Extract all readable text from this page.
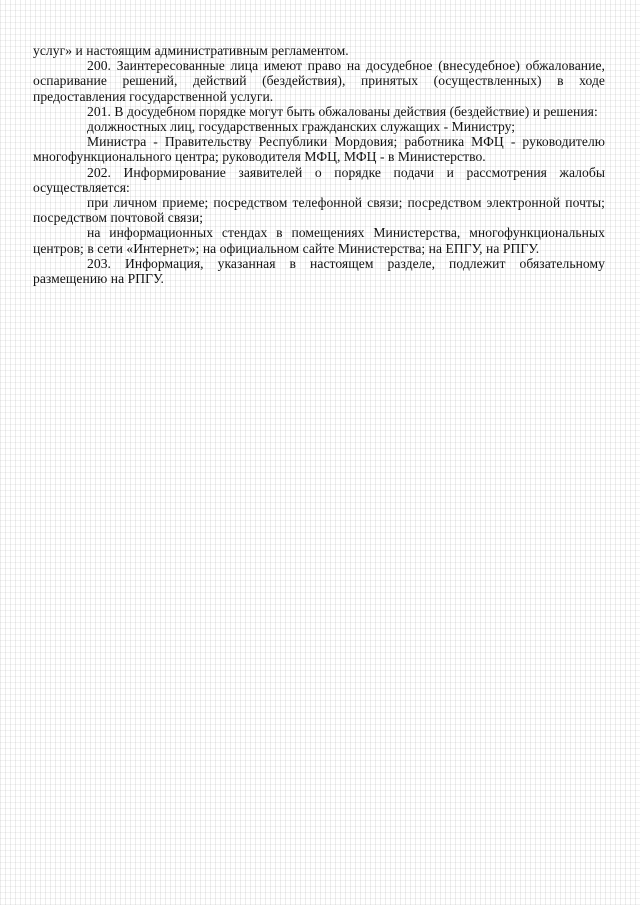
услуг» и настоящим административным регламентом.

200. Заинтересованные лица имеют право на досудебное (внесудебное) обжалование, оспаривание решений, действий (бездействия), принятых (осуществленных) в ходе предоставления государственной услуги.

201. В досудебном порядке могут быть обжалованы действия (бездействие) и решения:

должностных лиц, государственных гражданских служащих - Министру;

Министра - Правительству Республики Мордовия; работника МФЦ - руководителю многофункционального центра; руководителя МФЦ, МФЦ - в Министерство.

202. Информирование заявителей о порядке подачи и рассмотрения жалобы осуществляется:

при личном приеме; посредством телефонной связи; посредством электронной почты; посредством почтовой связи;

на информационных стендах в помещениях Министерства, многофункциональных центров; в сети «Интернет»; на официальном сайте Министерства; на ЕПГУ, на РПГУ.

203. Информация, указанная в настоящем разделе, подлежит обязательному размещению на РПГУ.
